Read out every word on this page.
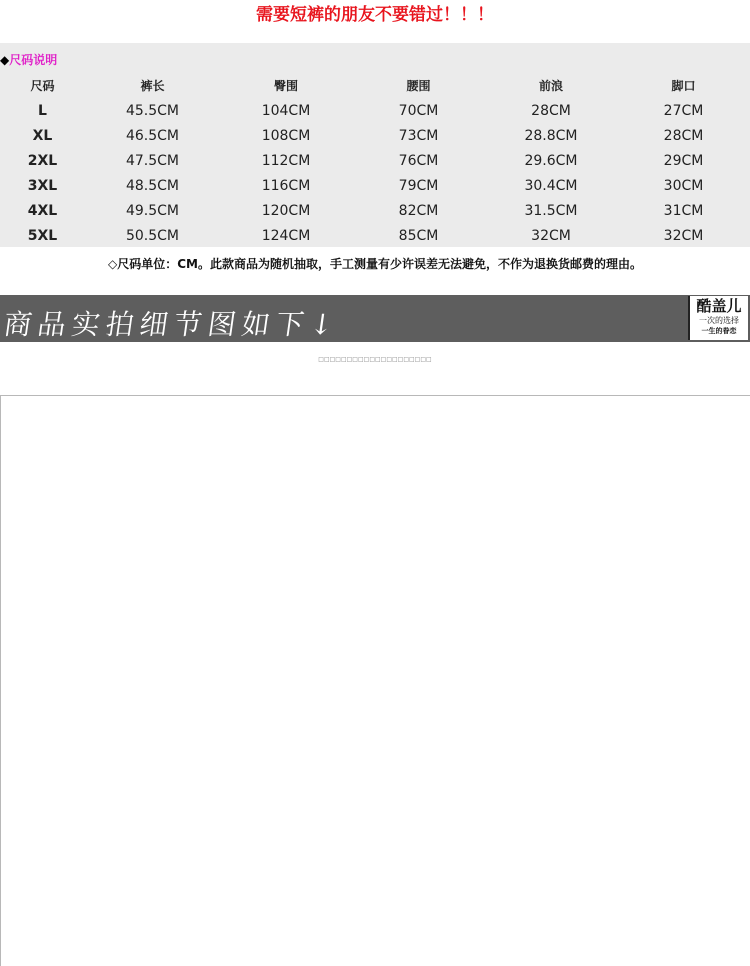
需要短裤的朋友不要错过！！！
◆尺码说明
尺码	裤长	臀围	腰围	前浪	脚口
L	45.5CM	104CM	70CM	28CM	27CM
XL	46.5CM	108CM	73CM	28.8CM	28CM
2XL	47.5CM	112CM	76CM	29.6CM	29CM
3XL	48.5CM	116CM	79CM	30.4CM	30CM
4XL	49.5CM	120CM	82CM	31.5CM	31CM
5XL	50.5CM	124CM	85CM	32CM	32CM
◇尺码单位：CM。此款商品为随机抽取，手工测量有少许误差无法避免，不作为退换货邮费的理由。
商品实拍细节图如下↓
酷盖儿
一次的选择
一生的眷恋
□□□□□□□□□□□□□□□□□□□□
